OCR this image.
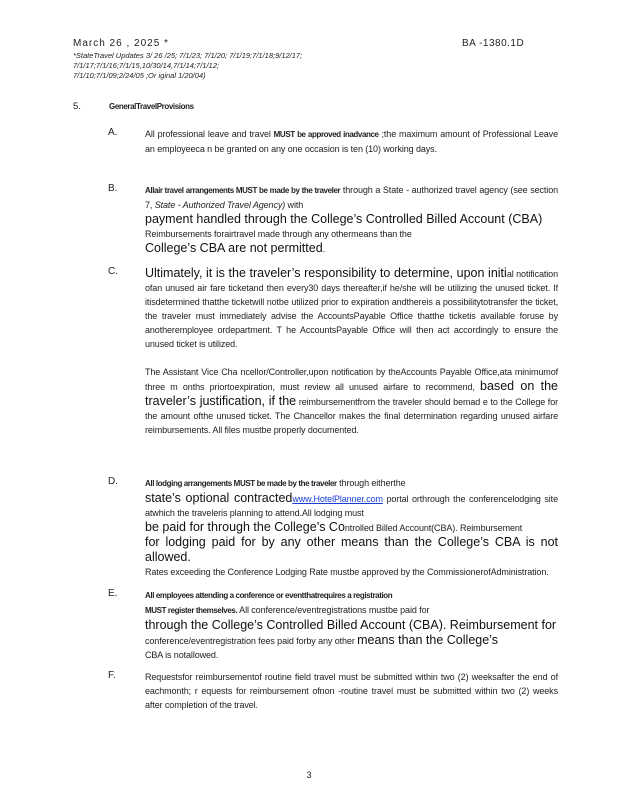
March 26 , 2025 *
*StateTravel Updates 3/ 26 /25; 7/1/23; 7/1/20; 7/1/19;7/1/18;9/12/17;
7/1/17;7/1/16;7/1/15,10/30/14,7/1/14;7/1/12;
7/1/10;7/1/09;2/24/05 ;Or iginal 1/20/04)
BA -1380.1D
5.	GeneralTravelProvisions
A.	All professional leave and travel MUST be approved inadvance ;the maximum amount of Professional Leave an employeeca n be granted on any one occasion is ten (10) working days.

B.	Allair travel arrangements MUST be made by the traveler through a State - authorized travel agency (see section 7, State - Authorized Travel Agency) with
payment handled through the College’s Controlled Billed Account (CBA)
Reimbursements forairtravel made through any othermeans than the
College’s CBA are not permitted.

C. Ultimately, it is the traveler’s responsibility to determine, upon initial notification ofan unused air fare ticketand then every30 days thereafter,if he/she will be utilizing the unused ticket. If itisdetermined thatthe ticketwill notbe utilized prior to expiration andthereis a possibilitytotransfer the ticket, the traveler must immediately advise the AccountsPayable Office thatthe ticketis available foruse by anotheremployee ordepartment. T he AccountsPayable Office will then act accordingly to ensure the unused ticket is utilized.

The Assistant Vice Cha ncellor/Controller,upon notification by theAccounts Payable Office,ata minimumof three m onths priortoexpiration, must review all unused airfare to recommend, based on the traveler’s justification, if the reimbursementfrom the traveler should bemad e to the College for the amount ofthe unused ticket. The Chancellor makes the final determination regarding unused airfare reimbursements. All files mustbe properly documented.

D.	All lodging arrangements MUST be made by the traveler through eitherthe
state’s optional contractedwww.HotelPlanner.com portal orthrough the conferencelodging site atwhich the traveleris planning to attend.All lodging must
be paid for through the College’s Controlled Billed Account(CBA). Reimbursement
for lodging paid for by any other means than the College’s CBA is not allowed.
Rates exceeding the Conference Lodging Rate mustbe approved by the CommissionerofAdministration.

E.	All employees attending a conference or eventthatrequires a registration
MUST register themselves. All conference/eventregistrations mustbe paid for
through the College’s Controlled Billed Account (CBA). Reimbursement for
conference/eventregistration fees paid forby any other means than the College’s
CBA is notallowed.

F.	Requestsfor reimbursementof routine field travel must be submitted within two (2) weeksafter the end of eachmonth; r equests for reimbursement ofnon -routine travel must be submitted within two (2) weeks after completion of the travel.

3
